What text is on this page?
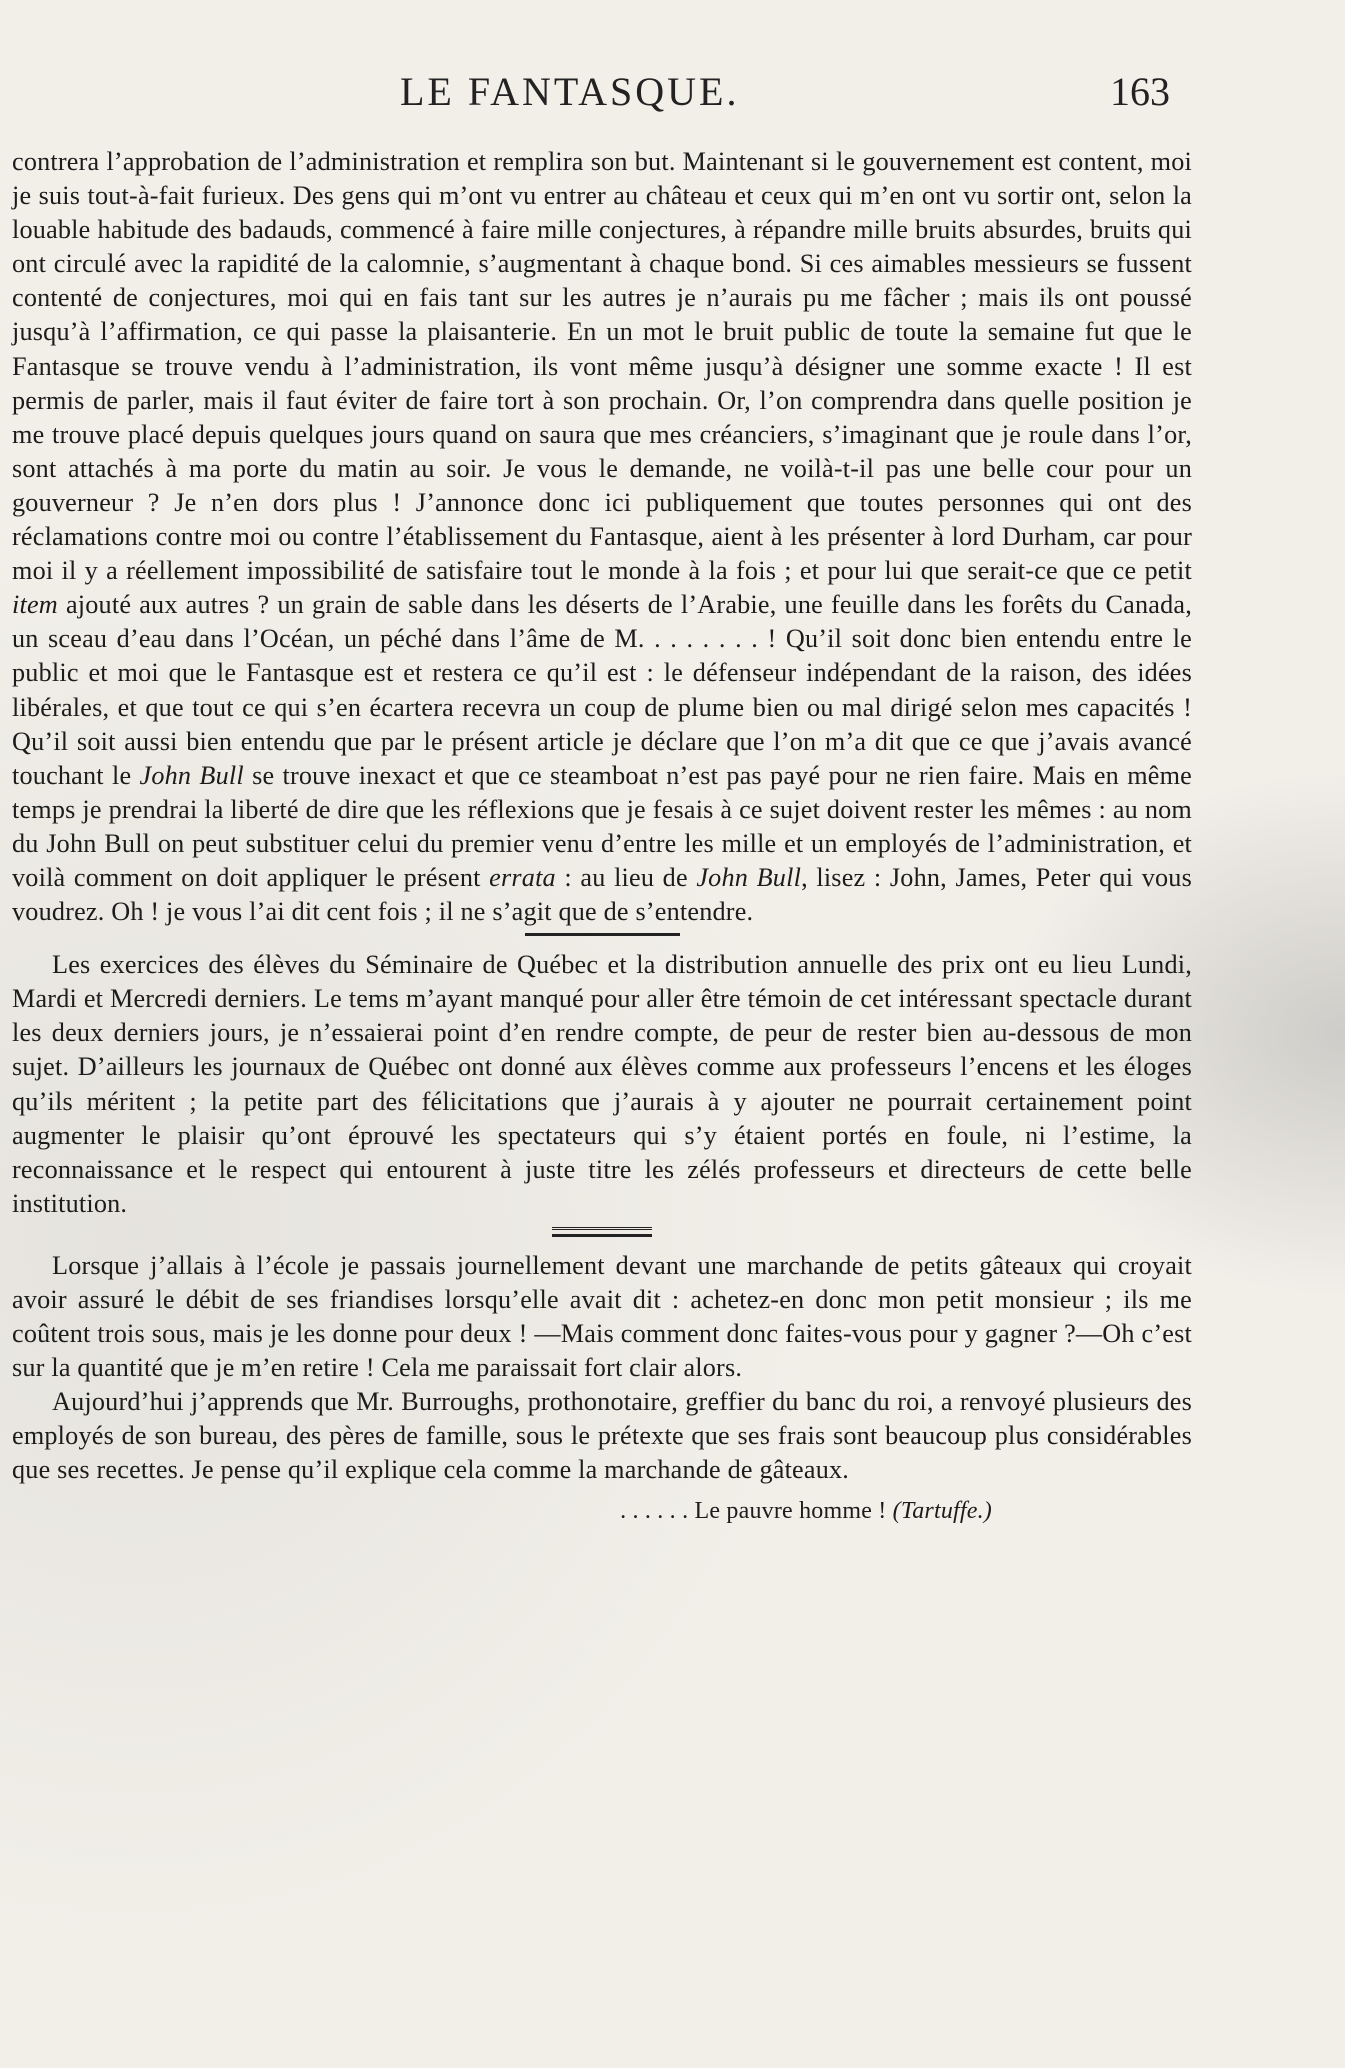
LE FANTASQUE.	163

contrera l’approbation de l’administration et remplira son but. Maintenant si le gouvernement est content, moi je suis tout-à-fait furieux. Des gens qui m’ont vu entrer au château et ceux qui m’en ont vu sortir ont, selon la louable habitude des badauds, commencé à faire mille conjectures, à répandre mille bruits absurdes, bruits qui ont circulé avec la rapidité de la calomnie, s’augmentant à chaque bond. Si ces aimables messieurs se fussent contenté de conjectures, moi qui en fais tant sur les autres je n’aurais pu me fâcher ; mais ils ont poussé jusqu’à l’affirmation, ce qui passe la plaisanterie. En un mot le bruit public de toute la semaine fut que le Fantasque se trouve vendu à l’administration, ils vont même jusqu’à désigner une somme exacte ! Il est permis de parler, mais il faut éviter de faire tort à son prochain. Or, l’on comprendra dans quelle position je me trouve placé depuis quelques jours quand on saura que mes créanciers, s’imaginant que je roule dans l’or, sont attachés à ma porte du matin au soir. Je vous le demande, ne voilà-t-il pas une belle cour pour un gouverneur ? Je n’en dors plus ! J’annonce donc ici publiquement que toutes personnes qui ont des réclamations contre moi ou contre l’établissement du Fantasque, aient à les présenter à lord Durham, car pour moi il y a réellement impossibilité de satisfaire tout le monde à la fois ; et pour lui que serait-ce que ce petit item ajouté aux autres ? un grain de sable dans les déserts de l’Arabie, une feuille dans les forêts du Canada, un sceau d’eau dans l’Océan, un péché dans l’âme de M. . . . . . . . ! Qu’il soit donc bien entendu entre le public et moi que le Fantasque est et restera ce qu’il est : le défenseur indépendant de la raison, des idées libérales, et que tout ce qui s’en écartera recevra un coup de plume bien ou mal dirigé selon mes capacités ! Qu’il soit aussi bien entendu que par le présent article je déclare que l’on m’a dit que ce que j’avais avancé touchant le John Bull se trouve inexact et que ce steamboat n’est pas payé pour ne rien faire. Mais en même temps je prendrai la liberté de dire que les réflexions que je fesais à ce sujet doivent rester les mêmes : au nom du John Bull on peut substituer celui du premier venu d’entre les mille et un employés de l’administration, et voilà comment on doit appliquer le présent errata : au lieu de John Bull, lisez : John, James, Peter qui vous voudrez. Oh ! je vous l’ai dit cent fois ; il ne s’agit que de s’entendre.

Les exercices des élèves du Séminaire de Québec et la distribution annuelle des prix ont eu lieu Lundi, Mardi et Mercredi derniers. Le tems m’ayant manqué pour aller être témoin de cet intéressant spectacle durant les deux derniers jours, je n’essaierai point d’en rendre compte, de peur de rester bien au-dessous de mon sujet. D’ailleurs les journaux de Québec ont donné aux élèves comme aux professeurs l’encens et les éloges qu’ils méritent ; la petite part des félicitations que j’aurais à y ajouter ne pourrait certainement point augmenter le plaisir qu’ont éprouvé les spectateurs qui s’y étaient portés en foule, ni l’estime, la reconnaissance et le respect qui entourent à juste titre les zélés professeurs et directeurs de cette belle institution.

Lorsque j’allais à l’école je passais journellement devant une marchande de petits gâteaux qui croyait avoir assuré le débit de ses friandises lorsqu’elle avait dit : achetez-en donc mon petit monsieur ; ils me coûtent trois sous, mais je les donne pour deux ! —Mais comment donc faites-vous pour y gagner ?—Oh c’est sur la quantité que je m’en retire ! Cela me paraissait fort clair alors.

Aujourd’hui j’apprends que Mr. Burroughs, prothonotaire, greffier du banc du roi, a renvoyé plusieurs des employés de son bureau, des pères de famille, sous le prétexte que ses frais sont beaucoup plus considérables que ses recettes. Je pense qu’il explique cela comme la marchande de gâteaux.

. . . . . . Le pauvre homme ! (Tartuffe.)
